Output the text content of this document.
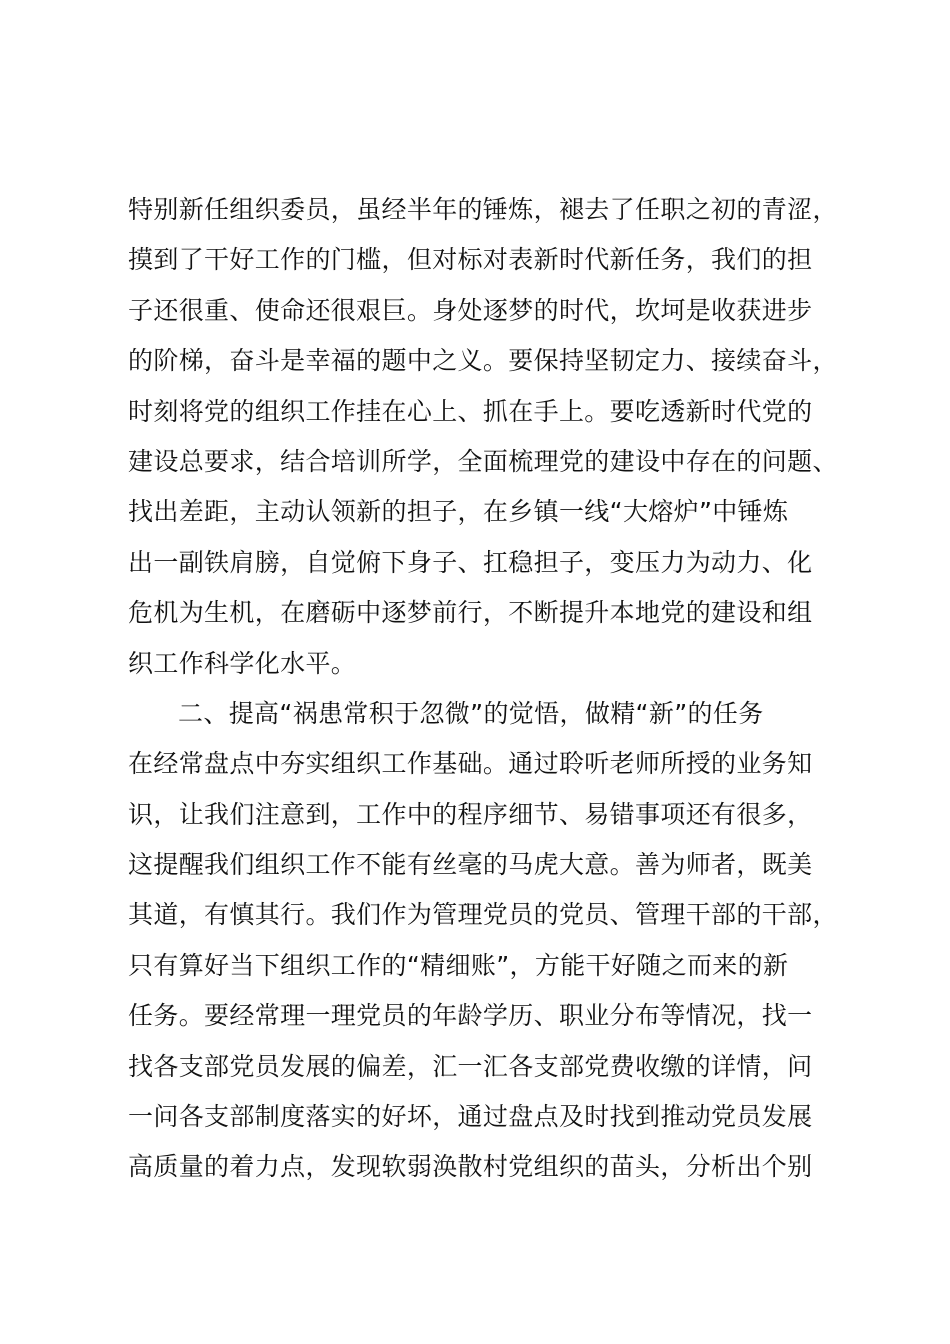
特别新任组织委员，虽经半年的锤炼，褪去了任职之初的青涩，
摸到了干好工作的门槛，但对标对表新时代新任务，我们的担
子还很重、使命还很艰巨。身处逐梦的时代，坎坷是收获进步
的阶梯，奋斗是幸福的题中之义。要保持坚韧定力、接续奋斗，
时刻将党的组织工作挂在心上、抓在手上。要吃透新时代党的
建设总要求，结合培训所学，全面梳理党的建设中存在的问题、
找出差距，主动认领新的担子，在乡镇一线“大熔炉”中锤炼
出一副铁肩膀，自觉俯下身子、扛稳担子，变压力为动力、化
危机为生机，在磨砺中逐梦前行，不断提升本地党的建设和组
织工作科学化水平。
二、提高“祸患常积于忽微”的觉悟，做精“新”的任务
在经常盘点中夯实组织工作基础。通过聆听老师所授的业务知
识，让我们注意到，工作中的程序细节、易错事项还有很多，
这提醒我们组织工作不能有丝毫的马虎大意。善为师者，既美
其道，有慎其行。我们作为管理党员的党员、管理干部的干部，
只有算好当下组织工作的“精细账”，方能干好随之而来的新
任务。要经常理一理党员的年龄学历、职业分布等情况，找一
找各支部党员发展的偏差，汇一汇各支部党费收缴的详情，问
一问各支部制度落实的好坏，通过盘点及时找到推动党员发展
高质量的着力点，发现软弱涣散村党组织的苗头，分析出个别
